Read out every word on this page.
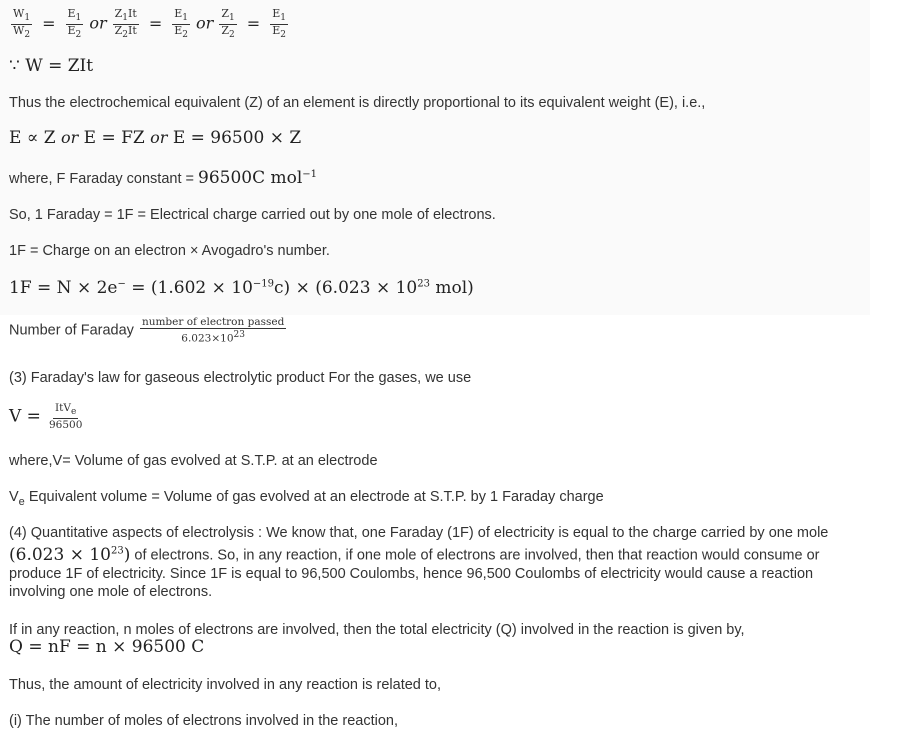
$\frac{W_1}{W_2} = \frac{E_1}{E_2}$ or $\frac{Z_1It}{Z_2It} = \frac{E_1}{E_2}$ or $\frac{Z_1}{Z_2} = \frac{E_1}{E_2}$
∵ W = ZIt
Thus the electrochemical equivalent (Z) of an element is directly proportional to its equivalent weight (E), i.e.,
E ∝ Z or E = FZ or E = 96500 × Z
where, F Faraday constant = 96500C mol$^{-1}$
So, 1 Faraday = 1F = Electrical charge carried out by one mole of electrons.
1F = Charge on an electron × Avogadro's number.
$1F = N \times 2e^- = (1.602 \times 10^{-19}c) \times (6.023 \times 10^{23}$ mol)
Number of Faraday $\frac{\text{number of electron passed}}{6.023\times 10^{23}}$
(3) Faraday's law for gaseous electrolytic product For the gases, we use
$V = \frac{ItV_e}{96500}$
where,V= Volume of gas evolved at S.T.P. at an electrode
$V_e$ Equivalent volume = Volume of gas evolved at an electrode at S.T.P. by 1 Faraday charge
(4) Quantitative aspects of electrolysis : We know that, one Faraday (1F) of electricity is equal to the charge carried by one mole
$(6.023 \times 10^{23})$ of electrons. So, in any reaction, if one mole of electrons are involved, then that reaction would consume or
produce 1F of electricity. Since 1F is equal to 96,500 Coulombs, hence 96,500 Coulombs of electricity would cause a reaction
involving one mole of electrons.
If in any reaction, n moles of electrons are involved, then the total electricity (Q) involved in the reaction is given by,
Q = nF = n × 96500 C
Thus, the amount of electricity involved in any reaction is related to,
(i) The number of moles of electrons involved in the reaction,
